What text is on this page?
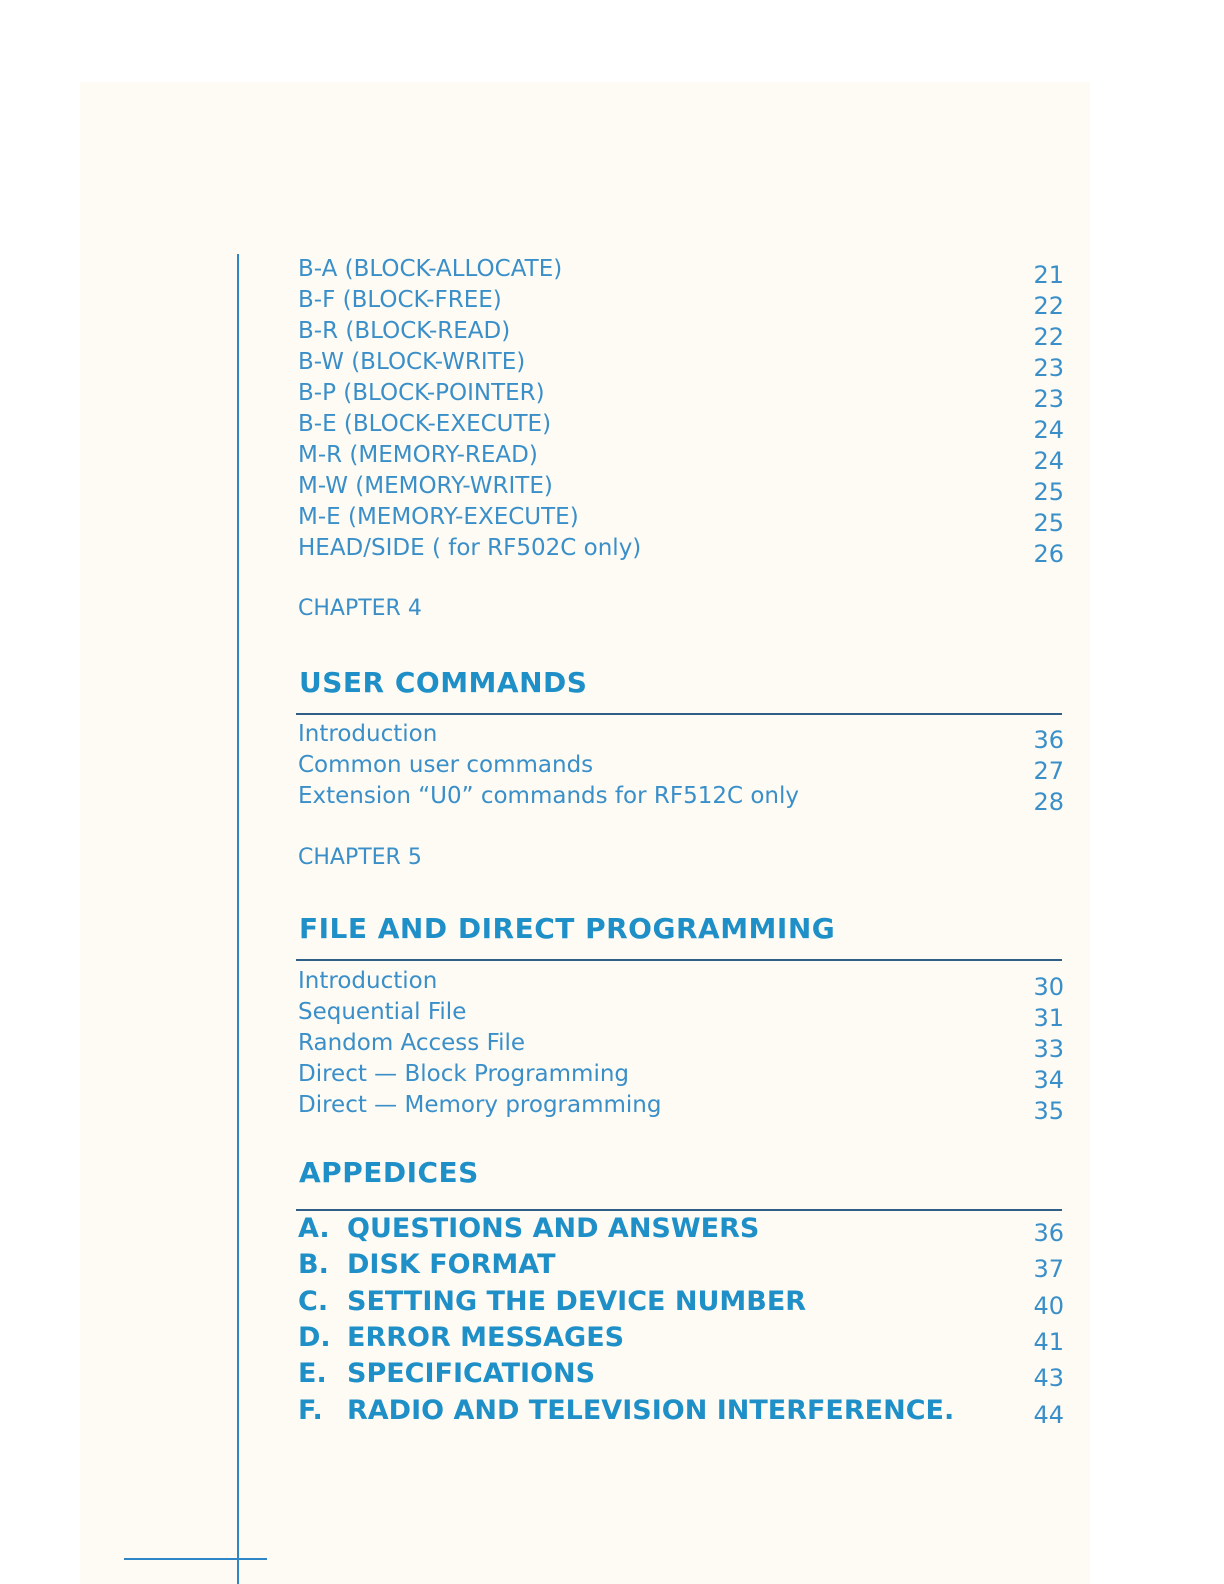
B-A (BLOCK-ALLOCATE)	21
B-F (BLOCK-FREE)	22
B-R (BLOCK-READ)	22
B-W (BLOCK-WRITE)	23
B-P (BLOCK-POINTER)	23
B-E (BLOCK-EXECUTE)	24
M-R (MEMORY-READ)	24
M-W (MEMORY-WRITE)	25
M-E (MEMORY-EXECUTE)	25
HEAD/SIDE ( for RF502C only)	26
CHAPTER 4
USER COMMANDS
Introduction	36
Common user commands	27
Extension “U0” commands for RF512C only	28
CHAPTER 5
FILE AND DIRECT PROGRAMMING
Introduction	30
Sequential File	31
Random Access File	33
Direct — Block Programming	34
Direct — Memory programming	35
APPEDICES
A. QUESTIONS AND ANSWERS	36
B. DISK FORMAT	37
C. SETTING THE DEVICE NUMBER	40
D. ERROR MESSAGES	41
E. SPECIFICATIONS	43
F. RADIO AND TELEVISION INTERFERENCE.	44
